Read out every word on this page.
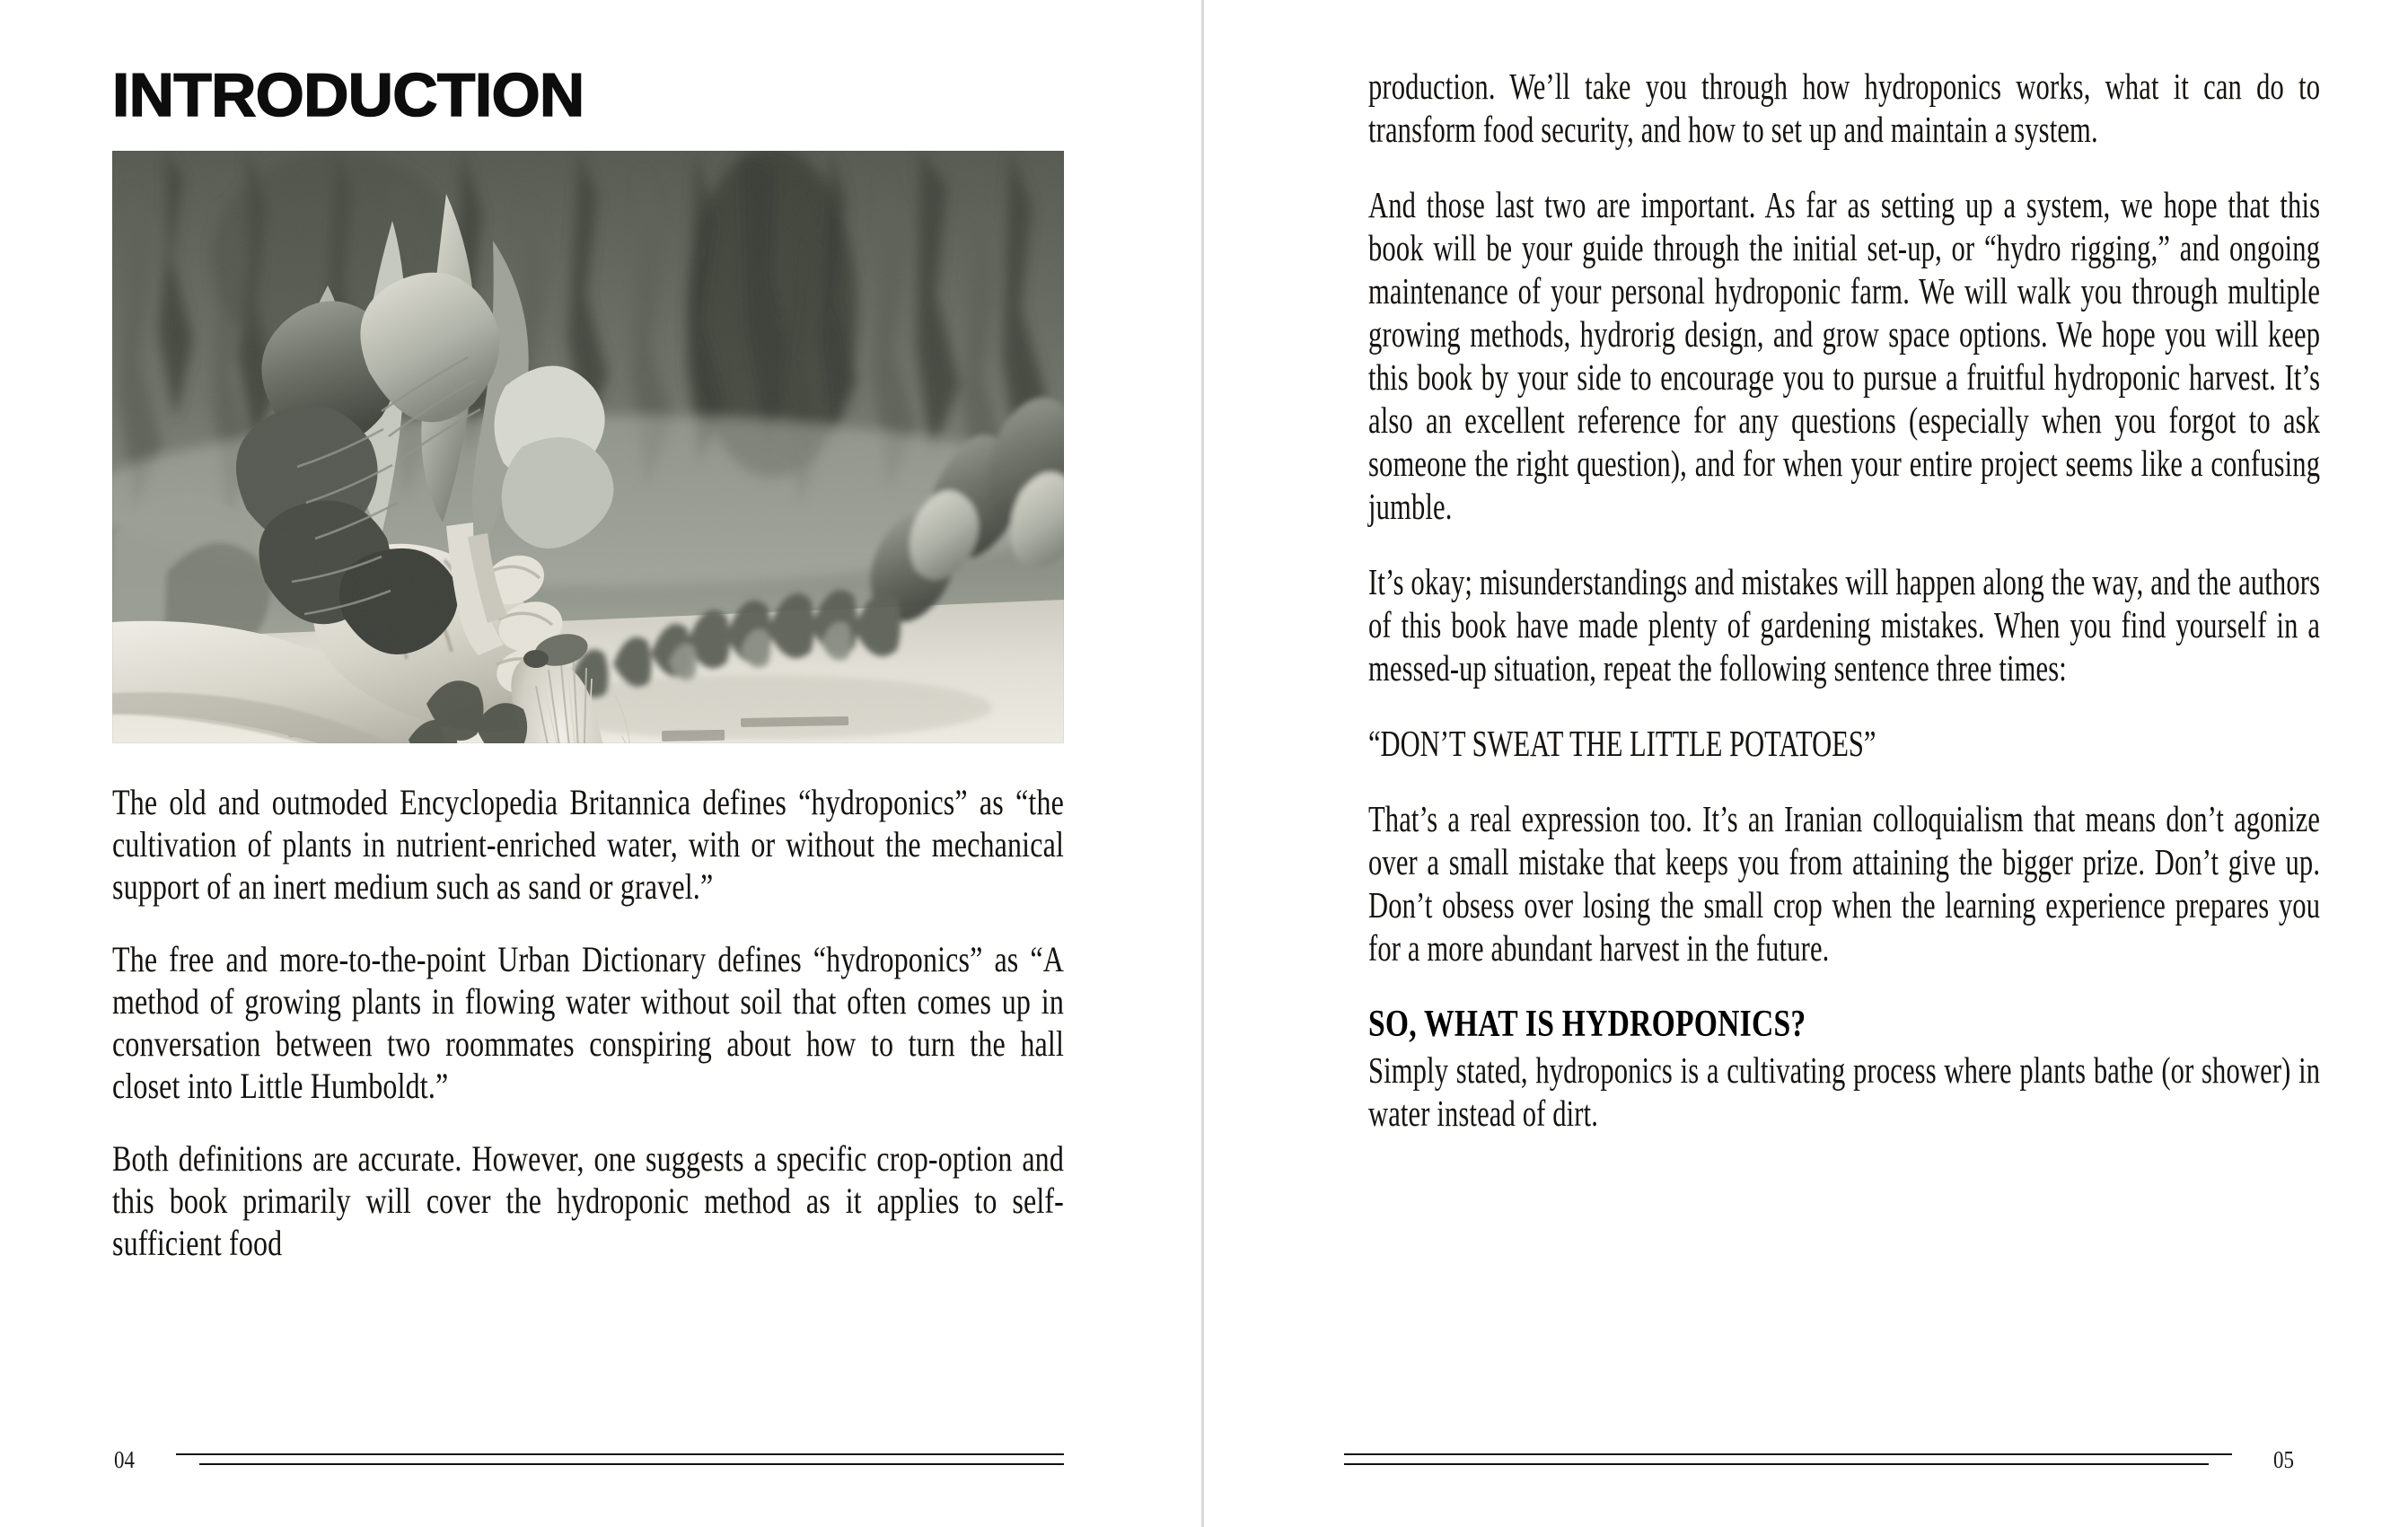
INTRODUCTION

The old and outmoded Encyclopedia Britannica defines “hydroponics” as “the cultivation of plants in nutrient-enriched water, with or without the mechanical support of an inert medium such as sand or gravel.”

The free and more-to-the-point Urban Dictionary defines “hydroponics” as “A method of growing plants in flowing water without soil that often comes up in conversation between two roommates conspiring about how to turn the hall closet into Little Humboldt.”

Both definitions are accurate. However, one suggests a specific crop-option and this book primarily will cover the hydroponic method as it applies to self-sufficient food

04

production. We’ll take you through how hydroponics works, what it can do to transform food security, and how to set up and maintain a system.

And those last two are important. As far as setting up a system, we hope that this book will be your guide through the initial set-up, or “hydro rigging,” and ongoing maintenance of your personal hydroponic farm. We will walk you through multiple growing methods, hydrorig design, and grow space options. We hope you will keep this book by your side to encourage you to pursue a fruitful hydroponic harvest. It’s also an excellent reference for any questions (especially when you forgot to ask someone the right question), and for when your entire project seems like a confusing jumble.

It’s okay; misunderstandings and mistakes will happen along the way, and the authors of this book have made plenty of gardening mistakes. When you find yourself in a messed-up situation, repeat the following sentence three times:

“DON’T SWEAT THE LITTLE POTATOES”

That’s a real expression too. It’s an Iranian colloquialism that means don’t agonize over a small mistake that keeps you from attaining the bigger prize. Don’t give up. Don’t obsess over losing the small crop when the learning experience prepares you for a more abundant harvest in the future.

SO, WHAT IS HYDROPONICS?

Simply stated, hydroponics is a cultivating process where plants bathe (or shower) in water instead of dirt.

05
